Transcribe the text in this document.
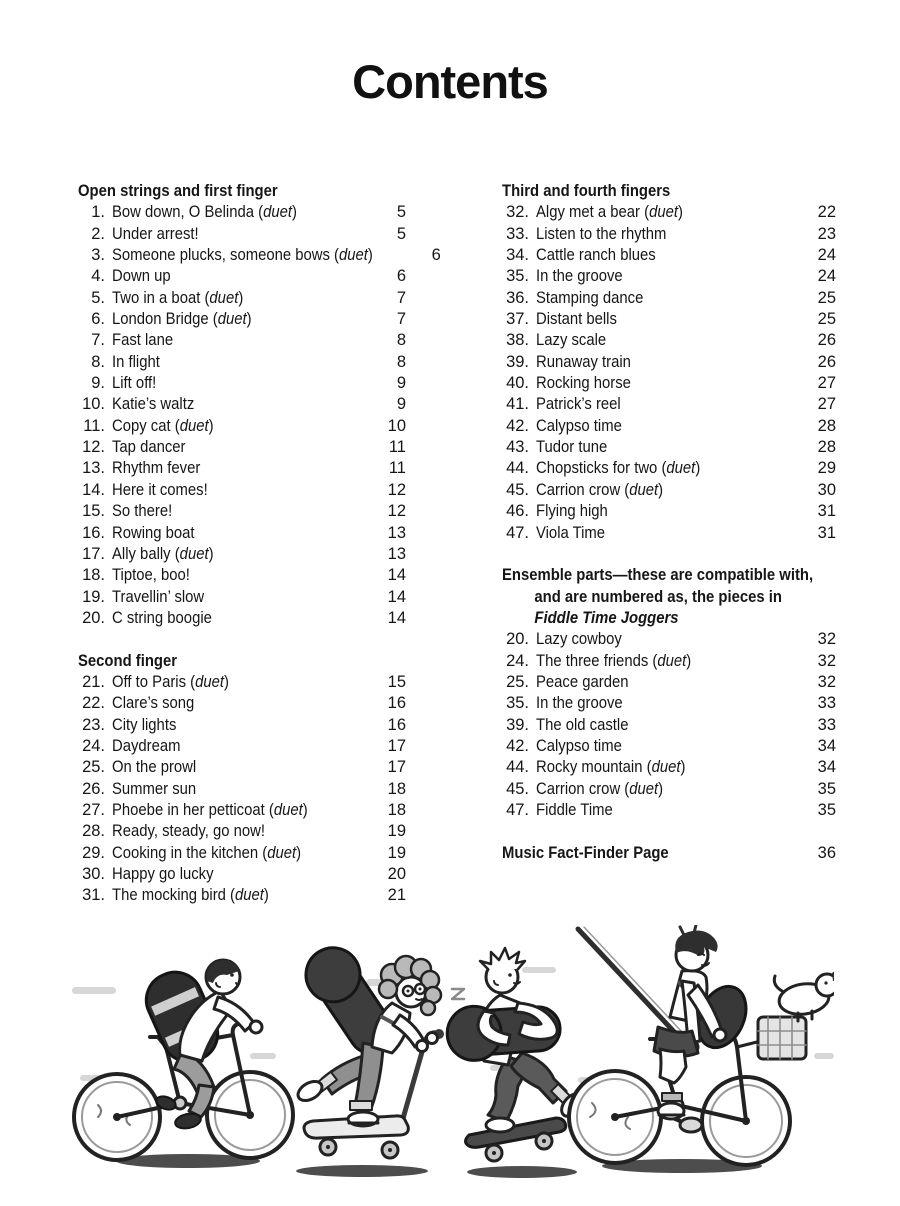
Contents
Open strings and first finger
1. Bow down, O Belinda (duet)	5
2. Under arrest!	5
3. Someone plucks, someone bows (duet)	6
4. Down up	6
5. Two in a boat (duet)	7
6. London Bridge (duet)	7
7. Fast lane	8
8. In flight	8
9. Lift off!	9
10. Katie’s waltz	9
11. Copy cat (duet)	10
12. Tap dancer	11
13. Rhythm fever	11
14. Here it comes!	12
15. So there!	12
16. Rowing boat	13
17. Ally bally (duet)	13
18. Tiptoe, boo!	14
19. Travellin’ slow	14
20. C string boogie	14
Second finger
21. Off to Paris (duet)	15
22. Clare’s song	16
23. City lights	16
24. Daydream	17
25. On the prowl	17
26. Summer sun	18
27. Phoebe in her petticoat (duet)	18
28. Ready, steady, go now!	19
29. Cooking in the kitchen (duet)	19
30. Happy go lucky	20
31. The mocking bird (duet)	21
Third and fourth fingers
32. Algy met a bear (duet)	22
33. Listen to the rhythm	23
34. Cattle ranch blues	24
35. In the groove	24
36. Stamping dance	25
37. Distant bells	25
38. Lazy scale	26
39. Runaway train	26
40. Rocking horse	27
41. Patrick’s reel	27
42. Calypso time	28
43. Tudor tune	28
44. Chopsticks for two (duet)	29
45. Carrion crow (duet)	30
46. Flying high	31
47. Viola Time	31
Ensemble parts—these are compatible with,
and are numbered as, the pieces in
Fiddle Time Joggers
20. Lazy cowboy	32
24. The three friends (duet)	32
25. Peace garden	32
35. In the groove	33
39. The old castle	33
42. Calypso time	34
44. Rocky mountain (duet)	34
45. Carrion crow (duet)	35
47. Fiddle Time	35
Music Fact-Finder Page	36
